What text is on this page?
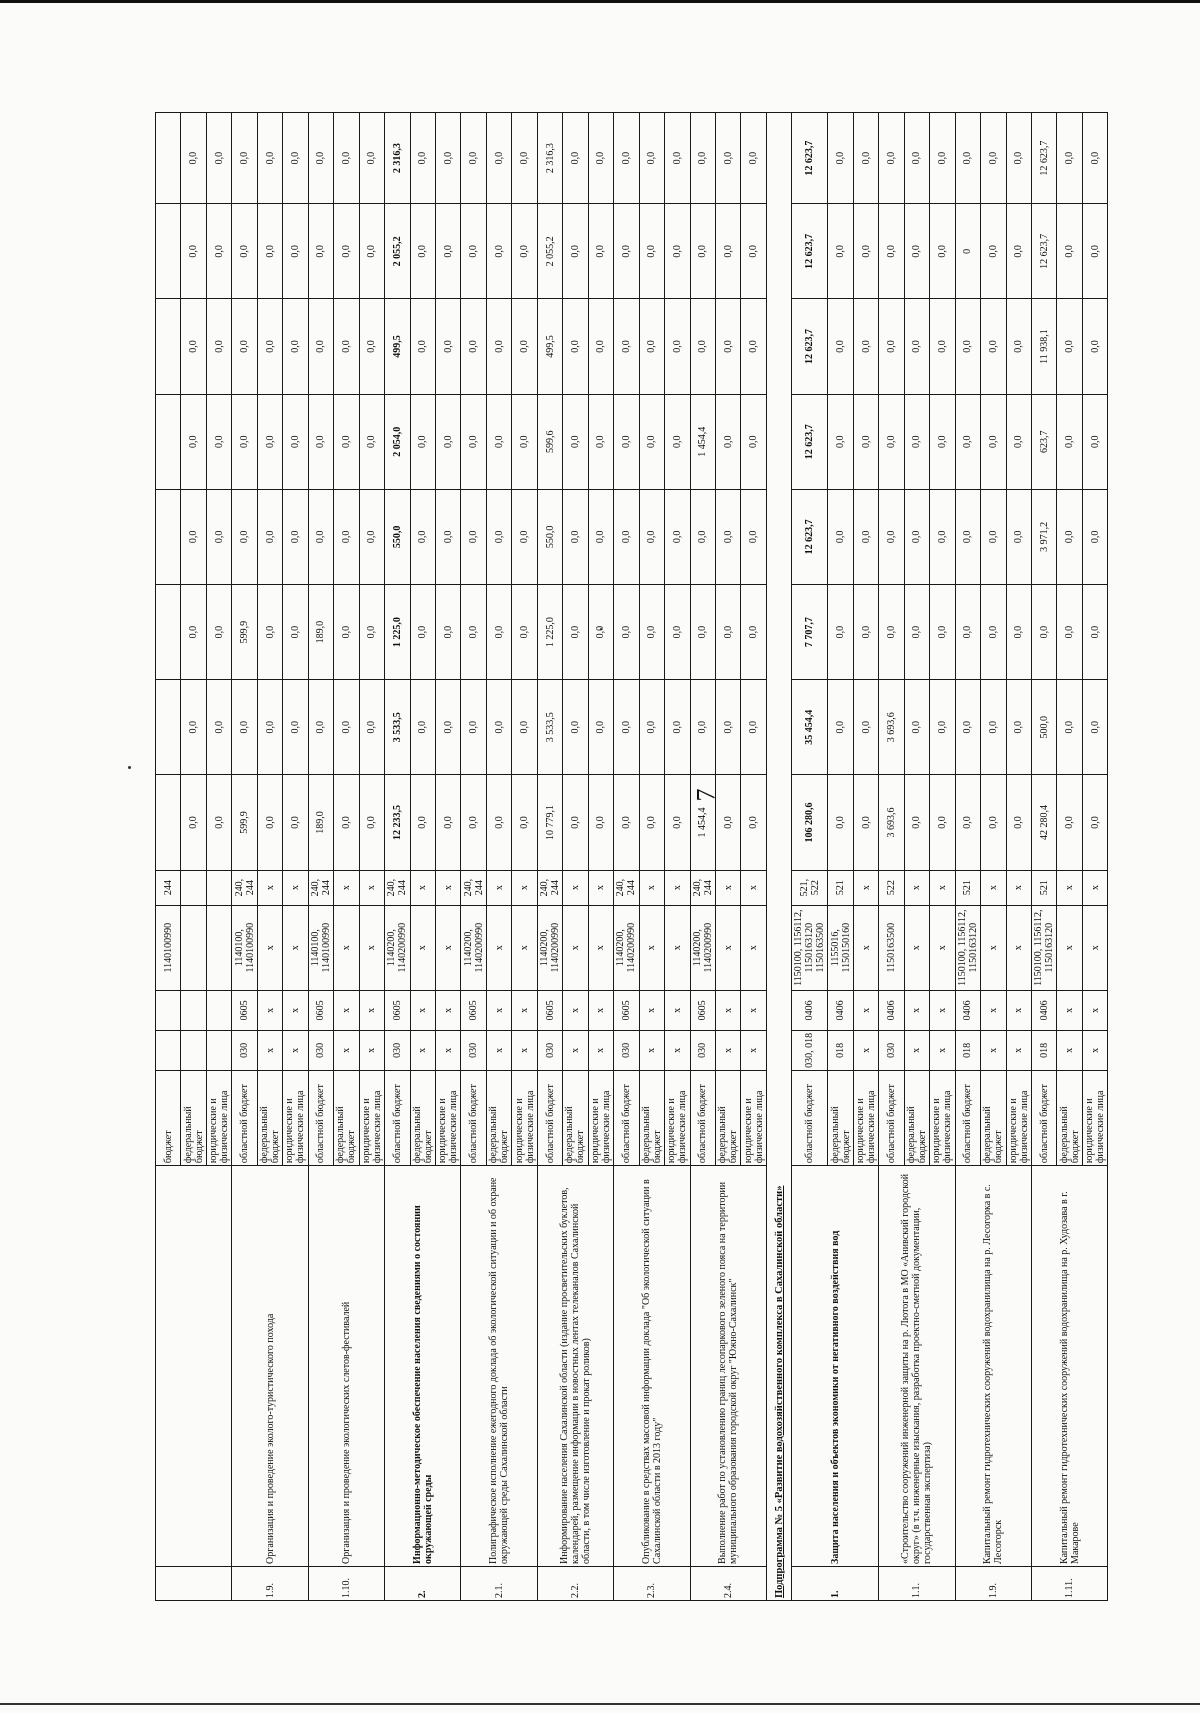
7
		бюджет			1140100990	244								
		федеральный бюджет					0,0	0,0	0,0	0,0	0,0	0,0	0,0	0,0
		юридические и физические лица					0,0	0,0	0,0	0,0	0,0	0,0	0,0	0,0
1.9.	Организация и проведение эколого-туристического похода	областной бюджет	030	0605	1140100, 1140100990	240, 244	599,9	0,0	599,9	0,0	0,0	0,0	0,0	0,0
		федеральный бюджет	x	x	x	x	0,0	0,0	0,0	0,0	0,0	0,0	0,0	0,0
		юридические и физические лица	x	x	x	x	0,0	0,0	0,0	0,0	0,0	0,0	0,0	0,0
1.10.	Организация и проведение экологических слетов-фестивалей	областной бюджет	030	0605	1140100, 1140100990	240, 244	189,0	0,0	189,0	0,0	0,0	0,0	0,0	0,0
		федеральный бюджет	x	x	x	x	0,0	0,0	0,0	0,0	0,0	0,0	0,0	0,0
		юридические и физические лица	x	x	x	x	0,0	0,0	0,0	0,0	0,0	0,0	0,0	0,0
2.	Информационно-методическое обеспечение населения сведениями о состоянии окружающей среды	областной бюджет	030	0605	1140200, 1140200990	240, 244	12 233,5	3 533,5	1 225,0	550,0	2 054,0	499,5	2 055,2	2 316,3
		федеральный бюджет	x	x	x	x	0,0	0,0	0,0	0,0	0,0	0,0	0,0	0,0
		юридические и физические лица	x	x	x	x	0,0	0,0	0,0	0,0	0,0	0,0	0,0	0,0
2.1.	Полиграфическое исполнение ежегодного доклада об экологической ситуации и об охране окружающей среды Сахалинской области	областной бюджет	030	0605	1140200, 1140200990	240, 244	0,0	0,0	0,0	0,0	0,0	0,0	0,0	0,0
		федеральный бюджет	x	x	x	x	0,0	0,0	0,0	0,0	0,0	0,0	0,0	0,0
		юридические и физические лица	x	x	x	x	0,0	0,0	0,0	0,0	0,0	0,0	0,0	0,0
2.2.	Информирование населения Сахалинской области (издание просветительских буклетов, календарей, размещение информации в новостных лентах телеканалов Сахалинской области, в том числе изготовление и прокат роликов)	областной бюджет	030	0605	1140200, 1140200990	240, 244	10 779,1	3 533,5	1 225,0	550,0	599,6	499,5	2 055,2	2 316,3
		федеральный бюджет	x	x	x	x	0,0	0,0	0,0	0,0	0,0	0,0	0,0	0,0
		юридические и физические лица	x	x	x	x	0,0	0,0	0,0	0,0	0,0	0,0	0,0	0,0
2.3.	Опубликование в средствах массовой информации доклада "Об экологической ситуации в Сахалинской области в 2013 году"	областной бюджет	030	0605	1140200, 1140200990	240, 244	0,0	0,0	0,0	0,0	0,0	0,0	0,0	0,0
		федеральный бюджет	x	x	x	x	0,0	0,0	0,0	0,0	0,0	0,0	0,0	0,0
		юридические и физические лица	x	x	x	x	0,0	0,0	0,0	0,0	0,0	0,0	0,0	0,0
2.4.	Выполнение работ по установлению границ лесопаркового зеленого пояса на территории муниципального образования городской округ "Южно-Сахалинск"	областной бюджет	030	0605	1140200, 1140200990	240, 244	1 454,4	0,0	0,0	0,0	1 454,4	0,0	0,0	0,0
		федеральный бюджет	x	x	x	x	0,0	0,0	0,0	0,0	0,0	0,0	0,0	0,0
		юридические и физические лица	x	x	x	x	0,0	0,0	0,0	0,0	0,0	0,0	0,0	0,0
Подпрограмма № 5 «Развитие водохозяйственного комплекса в Сахалинской области»														
1.	Защита населения и объектов экономики от негативного воздействия вод	областной бюджет	030, 018	0406	1150100, 1156112, 1150163120 1150163500	521, 522	106 280,6	35 454,4	7 707,7	12 623,7	12 623,7	12 623,7	12 623,7	12 623,7
		федеральный бюджет	018	0406	1155016, 1150150160	521	0,0	0,0	0,0	0,0	0,0	0,0	0,0	0,0
		юридические и физические лица	x	x	x	x	0,0	0,0	0,0	0,0	0,0	0,0	0,0	0,0
1.1.	«Строительство сооружений инженерной защиты на р. Лютога в МО «Анивский городской округ» (в т.ч. инженерные изыскания, разработка проектно-сметной документации, государственная экспертиза)	областной бюджет	030	0406	1150163500	522	3 693,6	3 693,6	0,0	0,0	0,0	0,0	0,0	0,0
		федеральный бюджет	x	x	x	x	0,0	0,0	0,0	0,0	0,0	0,0	0,0	0,0
		юридические и физические лица	x	x	x	x	0,0	0,0	0,0	0,0	0,0	0,0	0,0	0,0
1.9.	Капитальный ремонт гидротехнических сооружений водохранилища на р. Лесогорка в с. Лесогорск	областной бюджет	018	0406	1150100, 1156112, 1150163120	521	0,0	0,0	0,0	0,0	0,0	0,0	0	0,0
		федеральный бюджет	x	x	x	x	0,0	0,0	0,0	0,0	0,0	0,0	0,0	0,0
		юридические и физические лица	x	x	x	x	0,0	0,0	0,0	0,0	0,0	0,0	0,0	0,0
1.11.	Капитальный ремонт гидротехнических сооружений водохранилища на р. Худозава в г. Макарове	областной бюджет	018	0406	1150100, 1156112, 1150163120	521	42 280,4	500,0	0,0	3 971,2	623,7	11 938,1	12 623,7	12 623,7
		федеральный бюджет	x	x	x	x	0,0	0,0	0,0	0,0	0,0	0,0	0,0	0,0
		юридические и физические лица	x	x	x	x	0,0	0,0	0,0	0,0	0,0	0,0	0,0	0,0
